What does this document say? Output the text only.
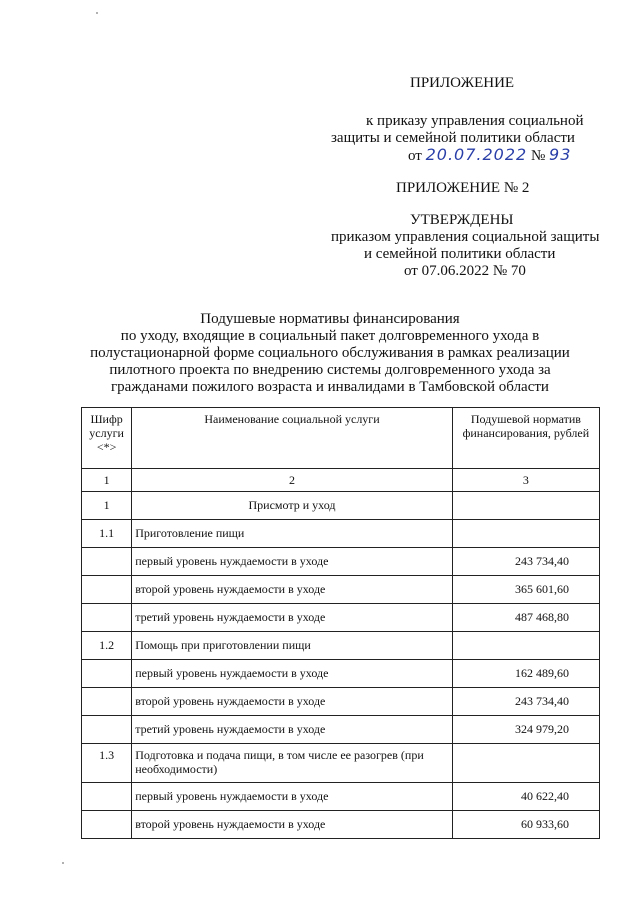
ПРИЛОЖЕНИЕ
к приказу управления социальной
защиты и семейной политики области
от 20.07.2022 № 93
ПРИЛОЖЕНИЕ № 2
УТВЕРЖДЕНЫ
приказом управления социальной защиты
и семейной политики области
от 07.06.2022 № 70
Подушевые нормативы финансирования
по уходу, входящие в социальный пакет долговременного ухода в
полустационарной форме социального обслуживания в рамках реализации
пилотного проекта по внедрению системы долговременного ухода за
гражданами пожилого возраста и инвалидами в Тамбовской области
Шифр услуги <*>	Наименование социальной услуги	Подушевой норматив финансирования, рублей
1	2	3
1	Присмотр и уход	
1.1	Приготовление пищи	
	первый уровень нуждаемости в уходе	243 734,40
	второй уровень нуждаемости в уходе	365 601,60
	третий уровень нуждаемости в уходе	487 468,80
1.2	Помощь при приготовлении пищи	
	первый уровень нуждаемости в уходе	162 489,60
	второй уровень нуждаемости в уходе	243 734,40
	третий уровень нуждаемости в уходе	324 979,20
1.3	Подготовка и подача пищи, в том числе ее разогрев (при необходимости)	
	первый уровень нуждаемости в уходе	40 622,40
	второй уровень нуждаемости в уходе	60 933,60
